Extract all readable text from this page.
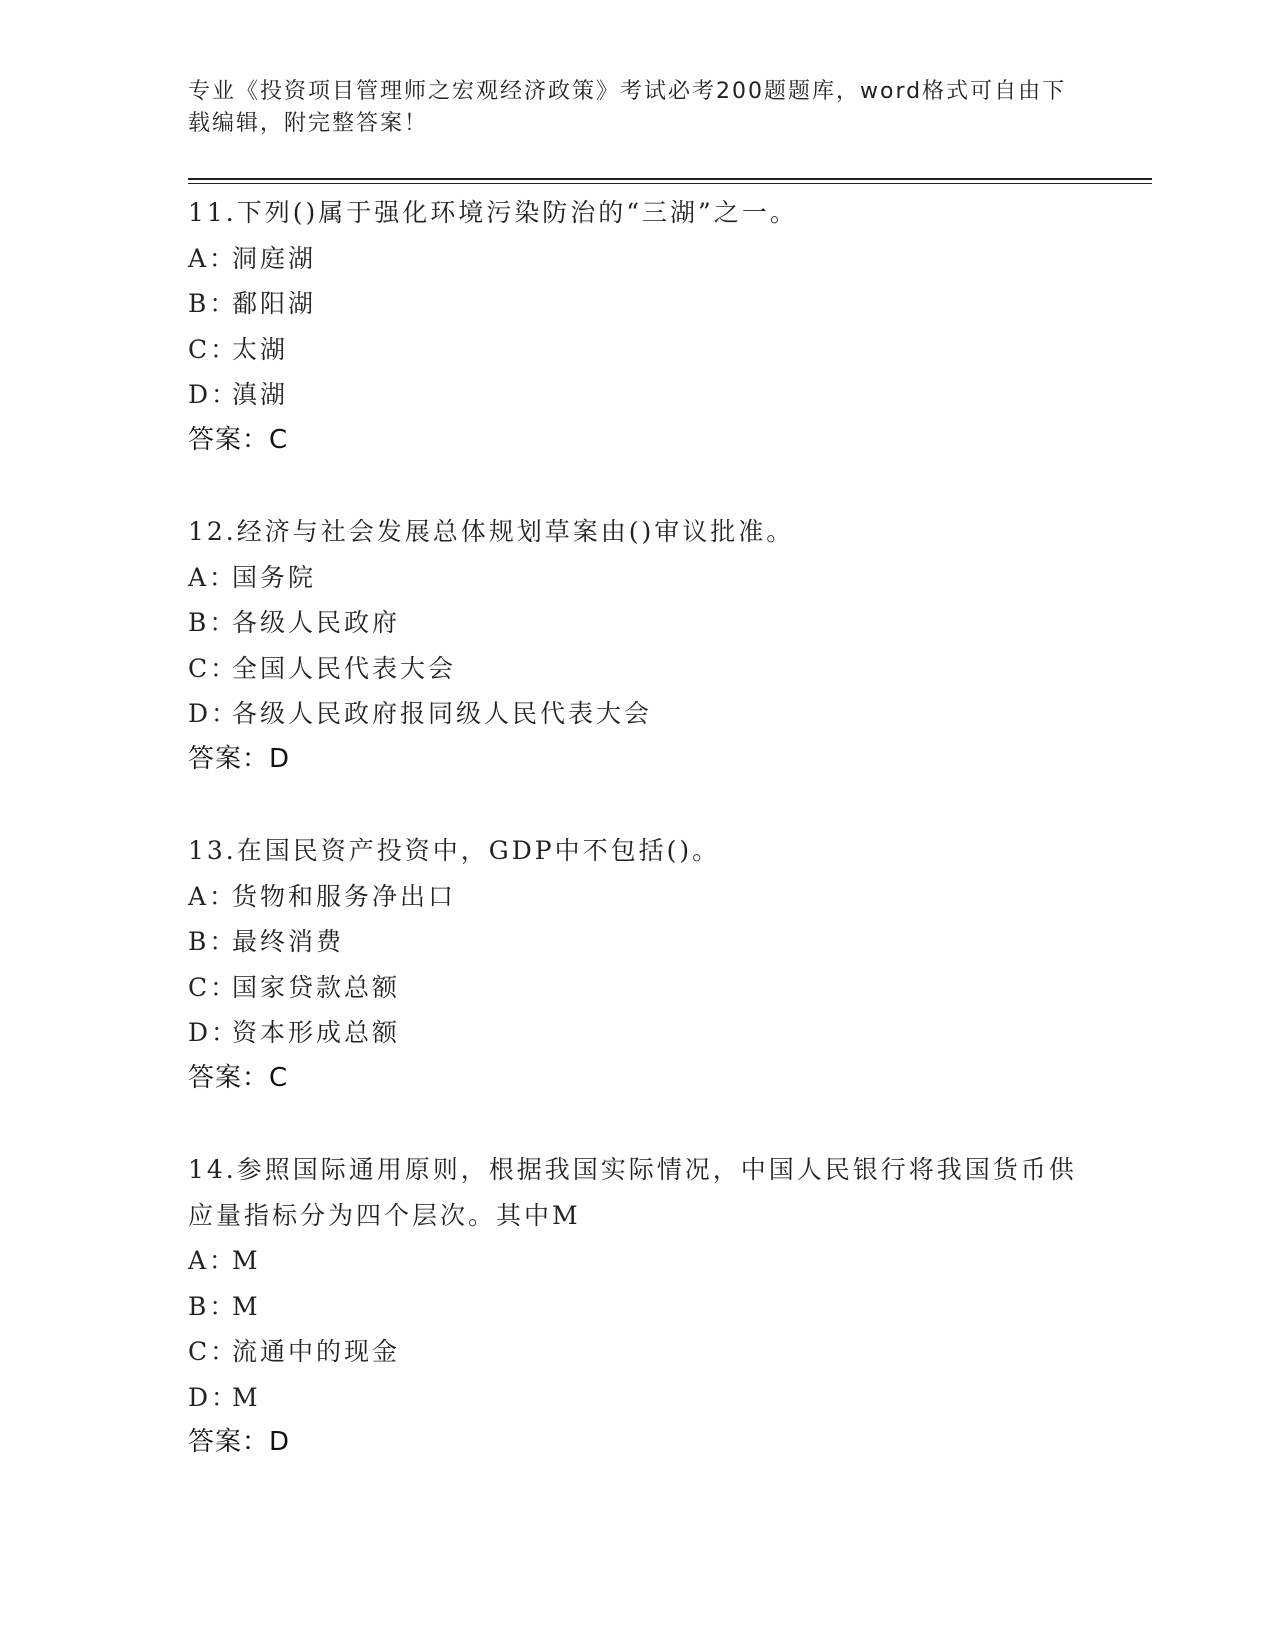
专业《投资项目管理师之宏观经济政策》考试必考200题题库，word格式可自由下载编辑，附完整答案！

11.下列()属于强化环境污染防治的“三湖”之一。

A：洞庭湖
B：鄱阳湖
C：太湖
D：滇湖
答案：C

12.经济与社会发展总体规划草案由()审议批准。

A：国务院
B：各级人民政府
C：全国人民代表大会
D：各级人民政府报同级人民代表大会
答案：D

13.在国民资产投资中，GDP中不包括()。

A：货物和服务净出口
B：最终消费
C：国家贷款总额
D：资本形成总额
答案：C

14.参照国际通用原则，根据我国实际情况，中国人民银行将我国货币供应量指标分为四个层次。其中M

A：M
B：M
C：流通中的现金
D：M
答案：D
